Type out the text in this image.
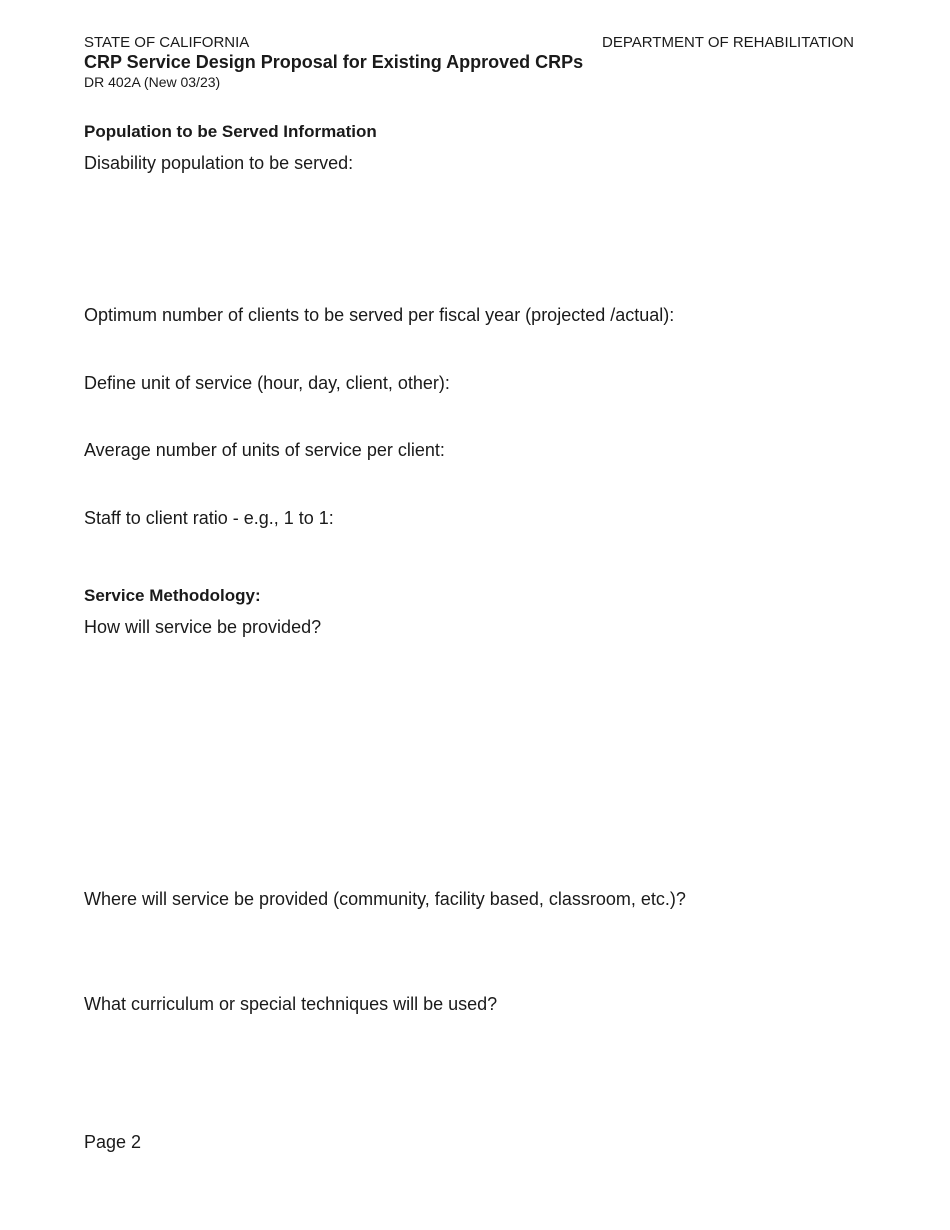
STATE OF CALIFORNIA	DEPARTMENT OF REHABILITATION
CRP Service Design Proposal for Existing Approved CRPs
DR 402A (New 03/23)
Population to be Served Information
Disability population to be served:
Optimum number of clients to be served per fiscal year (projected /actual):
Define unit of service (hour, day, client, other):
Average number of units of service per client:
Staff to client ratio - e.g., 1 to 1:
Service Methodology:
How will service be provided?
Where will service be provided (community, facility based, classroom, etc.)?
What curriculum or special techniques will be used?
Page 2
